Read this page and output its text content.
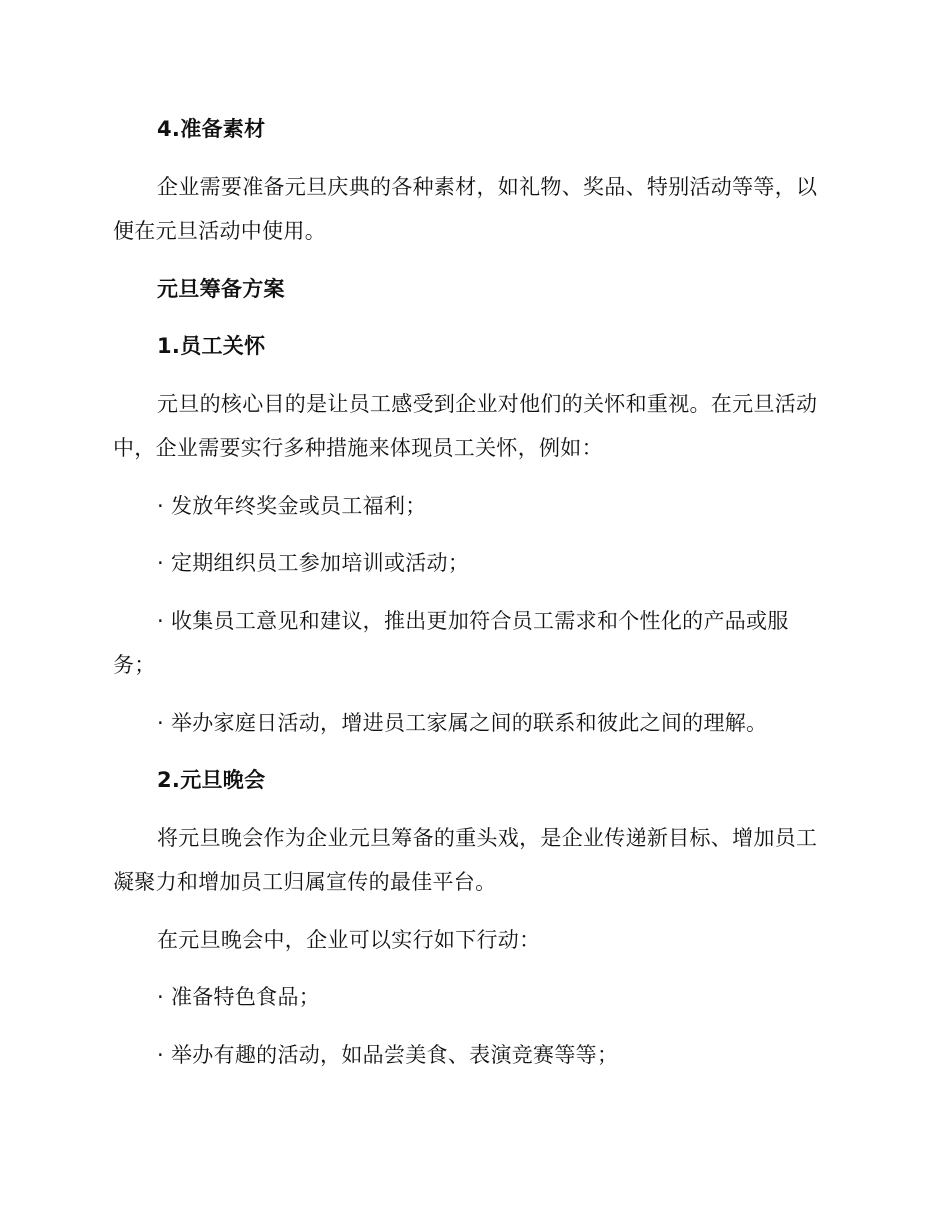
4.准备素材
企业需要准备元旦庆典的各种素材，如礼物、奖品、特别活动等等，以
便在元旦活动中使用。
元旦筹备方案
1.员工关怀
元旦的核心目的是让员工感受到企业对他们的关怀和重视。在元旦活动
中，企业需要实行多种措施来体现员工关怀，例如：
· 发放年终奖金或员工福利；
· 定期组织员工参加培训或活动；
· 收集员工意见和建议，推出更加符合员工需求和个性化的产品或服
务；
· 举办家庭日活动，增进员工家属之间的联系和彼此之间的理解。
2.元旦晚会
将元旦晚会作为企业元旦筹备的重头戏，是企业传递新目标、增加员工
凝聚力和增加员工归属宣传的最佳平台。
在元旦晚会中，企业可以实行如下行动：
· 准备特色食品；
· 举办有趣的活动，如品尝美食、表演竞赛等等；
